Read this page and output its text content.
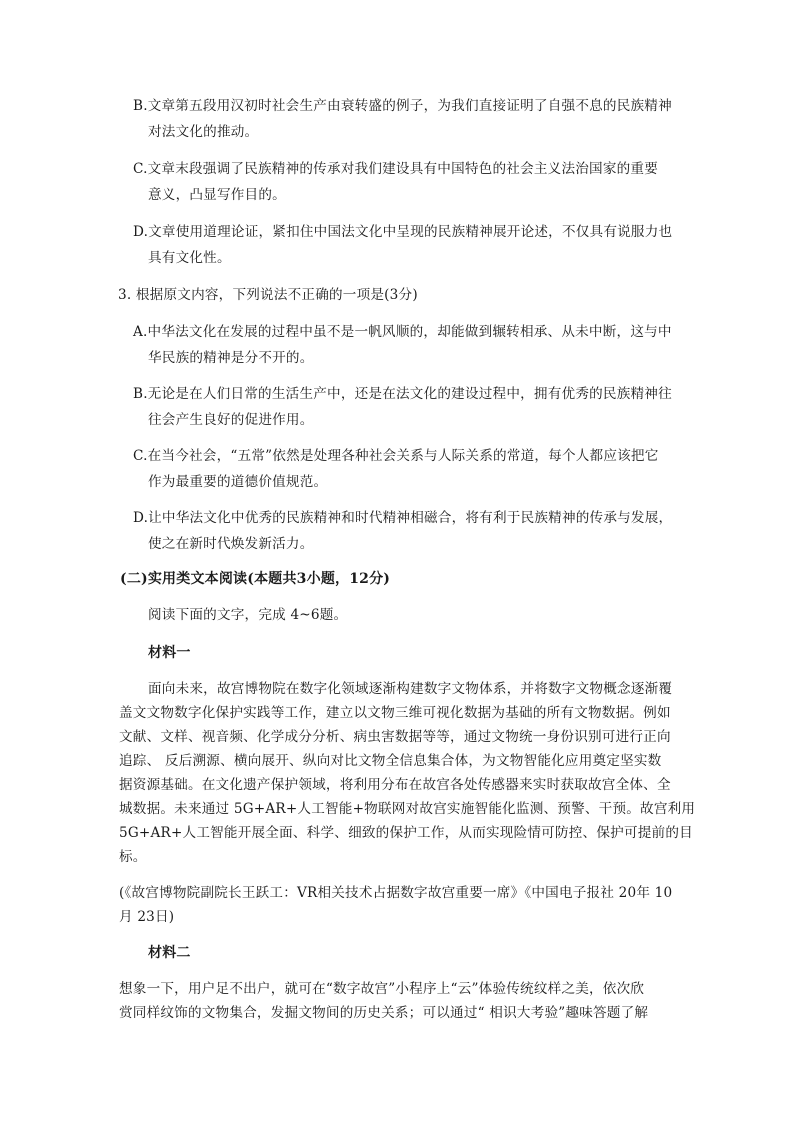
B.文章第五段用汉初时社会生产由衰转盛的例子，为我们直接证明了自强不息的民族精神
对法文化的推动。
C.文章末段强调了民族精神的传承对我们建设具有中国特色的社会主义法治国家的重要
意义，凸显写作目的。
D.文章使用道理论证，紧扣住中国法文化中呈现的民族精神展开论述，不仅具有说服力也
具有文化性。
3. 根据原文内容，下列说法不正确的一项是(3分)
A.中华法文化在发展的过程中虽不是一帆风顺的，却能做到辗转相承、从未中断，这与中
华民族的精神是分不开的。
B.无论是在人们日常的生活生产中，还是在法文化的建设过程中，拥有优秀的民族精神往
往会产生良好的促进作用。
C.在当今社会，“五常”依然是处理各种社会关系与人际关系的常道，每个人都应该把它
作为最重要的道德价值规范。
D.让中华法文化中优秀的民族精神和时代精神相磁合，将有利于民族精神的传承与发展，
使之在新时代焕发新活力。
(二)实用类文本阅读(本题共3小题，12分)
阅读下面的文字，完成 4~6题。
材料一
面向未来，故宫博物院在数字化领域逐渐构建数字文物体系，并将数字文物概念逐渐覆
盖文文物数字化保护实践等工作，建立以文物三维可视化数据为基础的所有文物数据。例如
文献、文样、视音频、化学成分分析、病虫害数据等等，通过文物统一身份识别可进行正向
追踪、 反后溯源、横向展开、纵向对比文物全信息集合体，为文物智能化应用奠定坚实数
据资源基础。在文化遗产保护领域，将利用分布在故宫各处传感器来实时获取故宫全体、全
城数据。未来通过 5G+AR+人工智能+物联网对故宫实施智能化监测、预警、干预。故宫利用
5G+AR+人工智能开展全面、科学、细致的保护工作，从而实现险情可防控、保护可提前的目
标。
(《故宫博物院副院长王跃工：VR相关技术占据数字故宫重要一席》《中国电子报社 20年 10
月 23日)
材料二
想象一下，用户足不出户，就可在“数字故宫”小程序上“云”体验传统纹样之美，依次欣
赏同样纹饰的文物集合，发掘文物间的历史关系；可以通过“ 相识大考验”趣味答题了解
